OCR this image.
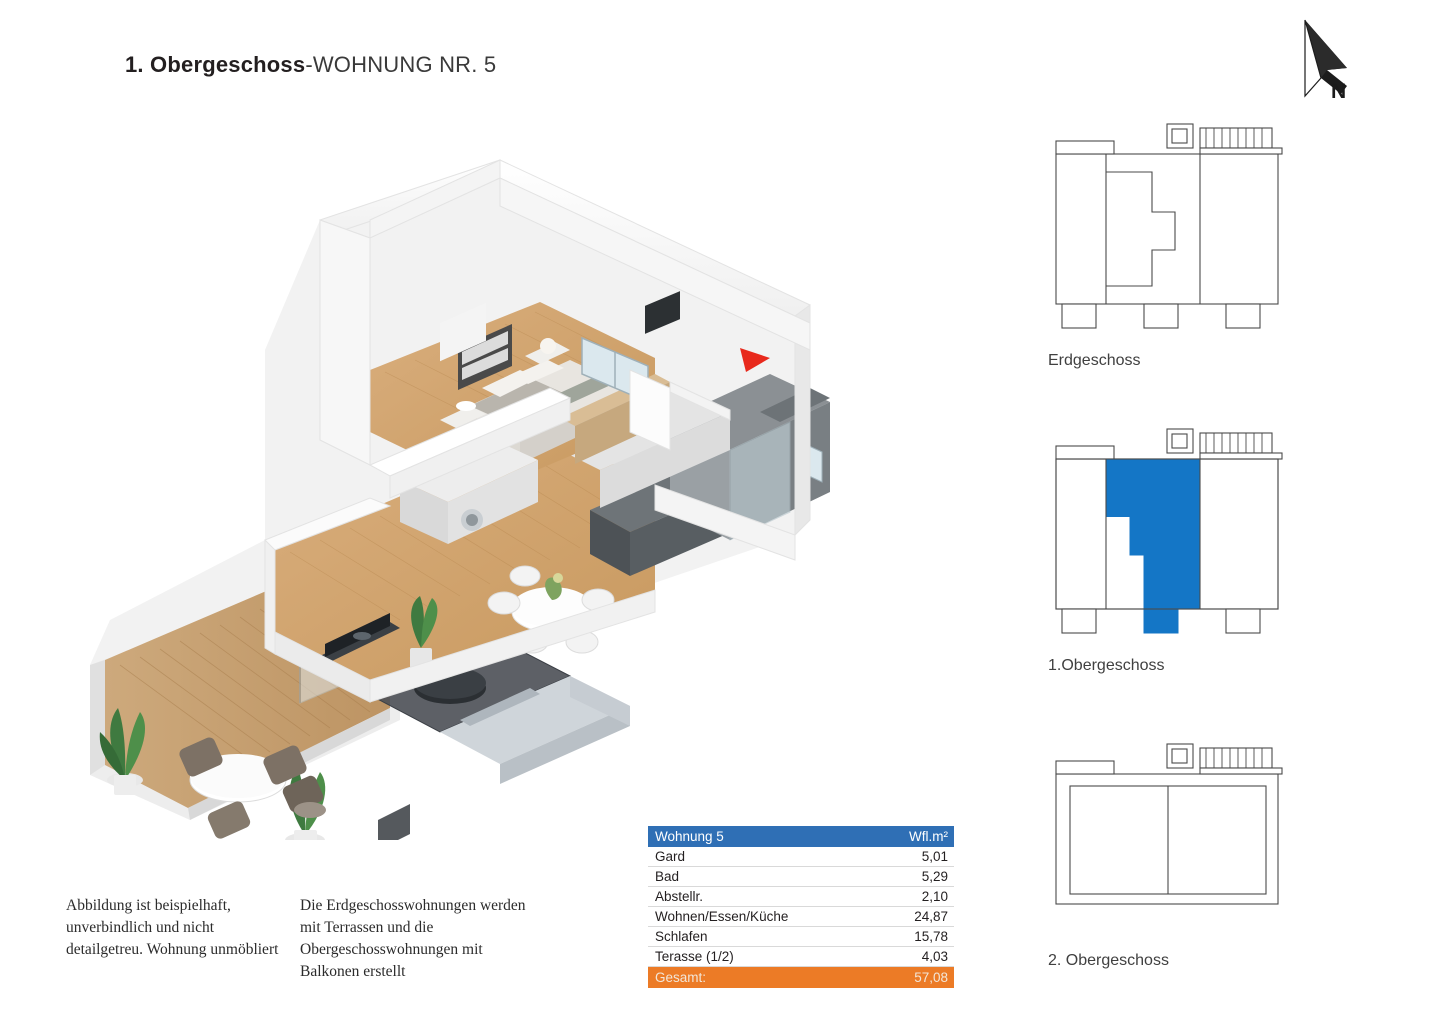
1. Obergeschoss-WOHNUNG NR. 5
N
Erdgeschoss
1.Obergeschoss
2. Obergeschoss
Abbildung ist beispielhaft, unverbindlich und nicht detailgetreu. Wohnung unmöbliert
Die Erdgeschosswohnungen werden mit Terrassen und die Obergeschosswohnungen mit Balkonen erstellt
Wohnung 5	Wfl.m²
Gard	5,01
Bad	5,29
Abstellr.	2,10
Wohnen/Essen/Küche	24,87
Schlafen	15,78
Terasse (1/2)	4,03
Gesamt:	57,08
